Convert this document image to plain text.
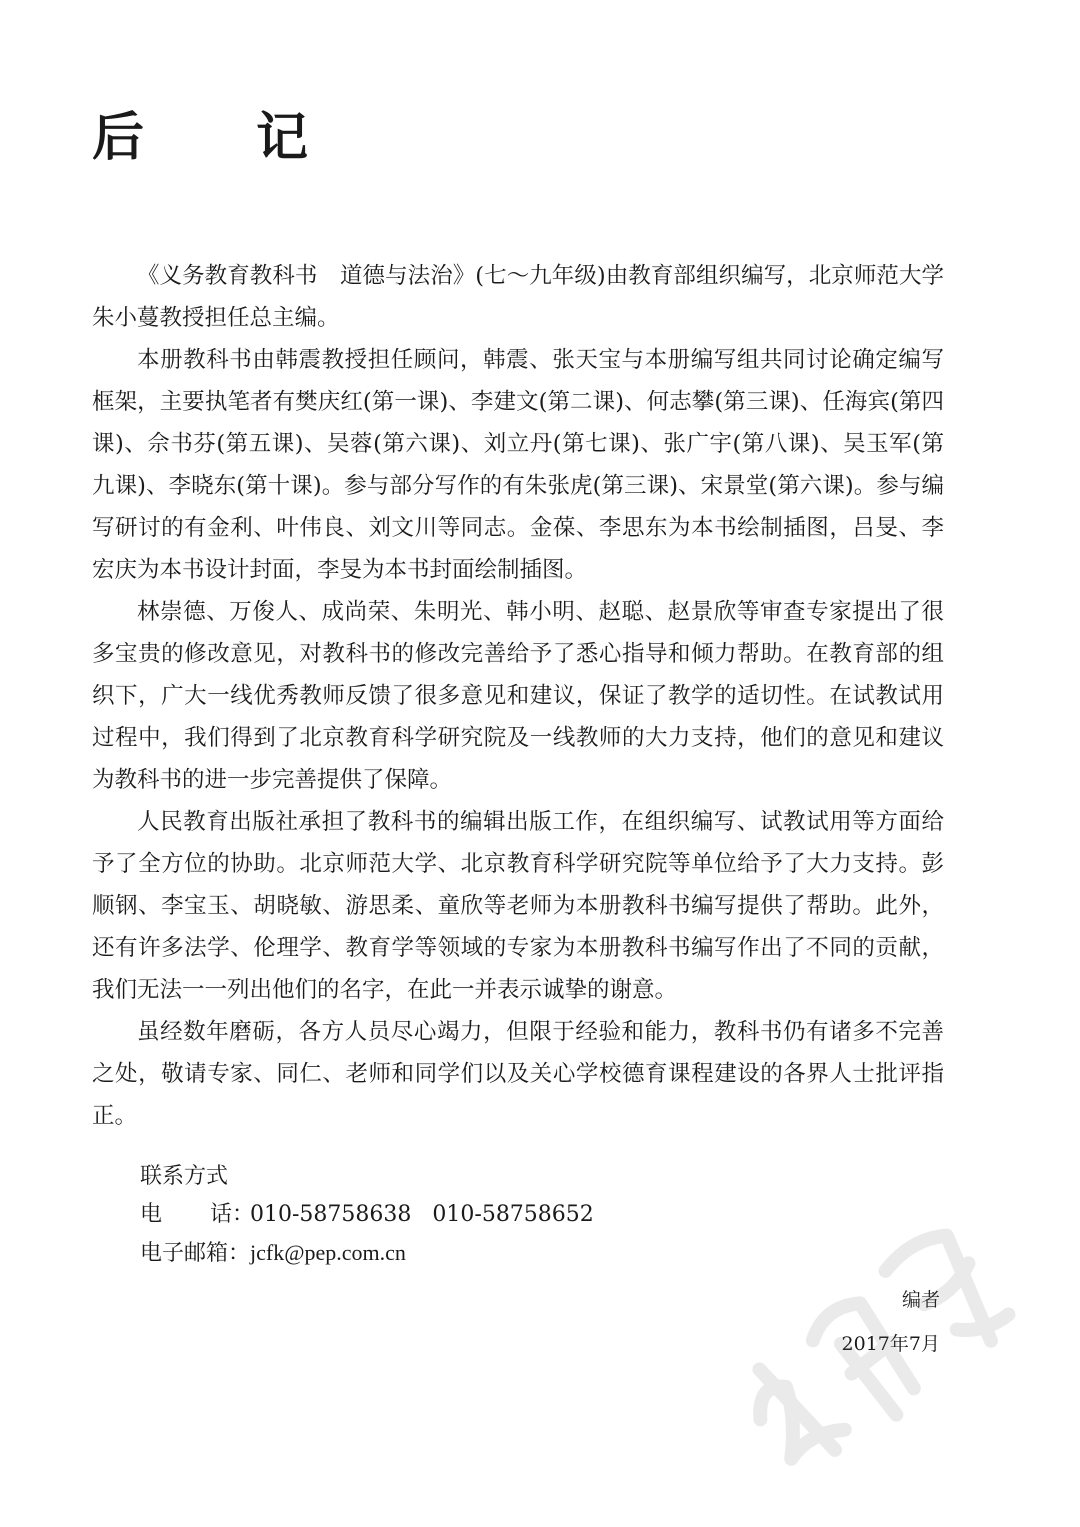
后　记

《义务教育教科书　道德与法治》(七～九年级)由教育部组织编写，北京师范大学朱小蔓教授担任总主编。

本册教科书由韩震教授担任顾问，韩震、张天宝与本册编写组共同讨论确定编写框架，主要执笔者有樊庆红(第一课)、李建文(第二课)、何志攀(第三课)、任海宾(第四课)、佘书芬(第五课)、吴蓉(第六课)、刘立丹(第七课)、张广宇(第八课)、吴玉军(第九课)、李晓东(第十课)。参与部分写作的有朱张虎(第三课)、宋景堂(第六课)。参与编写研讨的有金利、叶伟良、刘文川等同志。金葆、李思东为本书绘制插图，吕旻、李宏庆为本书设计封面，李旻为本书封面绘制插图。

林崇德、万俊人、成尚荣、朱明光、韩小明、赵聪、赵景欣等审查专家提出了很多宝贵的修改意见，对教科书的修改完善给予了悉心指导和倾力帮助。在教育部的组织下，广大一线优秀教师反馈了很多意见和建议，保证了教学的适切性。在试教试用过程中，我们得到了北京教育科学研究院及一线教师的大力支持，他们的意见和建议为教科书的进一步完善提供了保障。

人民教育出版社承担了教科书的编辑出版工作，在组织编写、试教试用等方面给予了全方位的协助。北京师范大学、北京教育科学研究院等单位给予了大力支持。彭顺钢、李宝玉、胡晓敏、游思柔、童欣等老师为本册教科书编写提供了帮助。此外，还有许多法学、伦理学、教育学等领域的专家为本册教科书编写作出了不同的贡献，我们无法一一列出他们的名字，在此一并表示诚挚的谢意。

虽经数年磨砺，各方人员尽心竭力，但限于经验和能力，教科书仍有诸多不完善之处，敬请专家、同仁、老师和同学们以及关心学校德育课程建设的各界人士批评指正。

联系方式
电 话：010-58758638 010-58758652
电子邮箱：jcfk@pep.com.cn
编者
2017年7月
